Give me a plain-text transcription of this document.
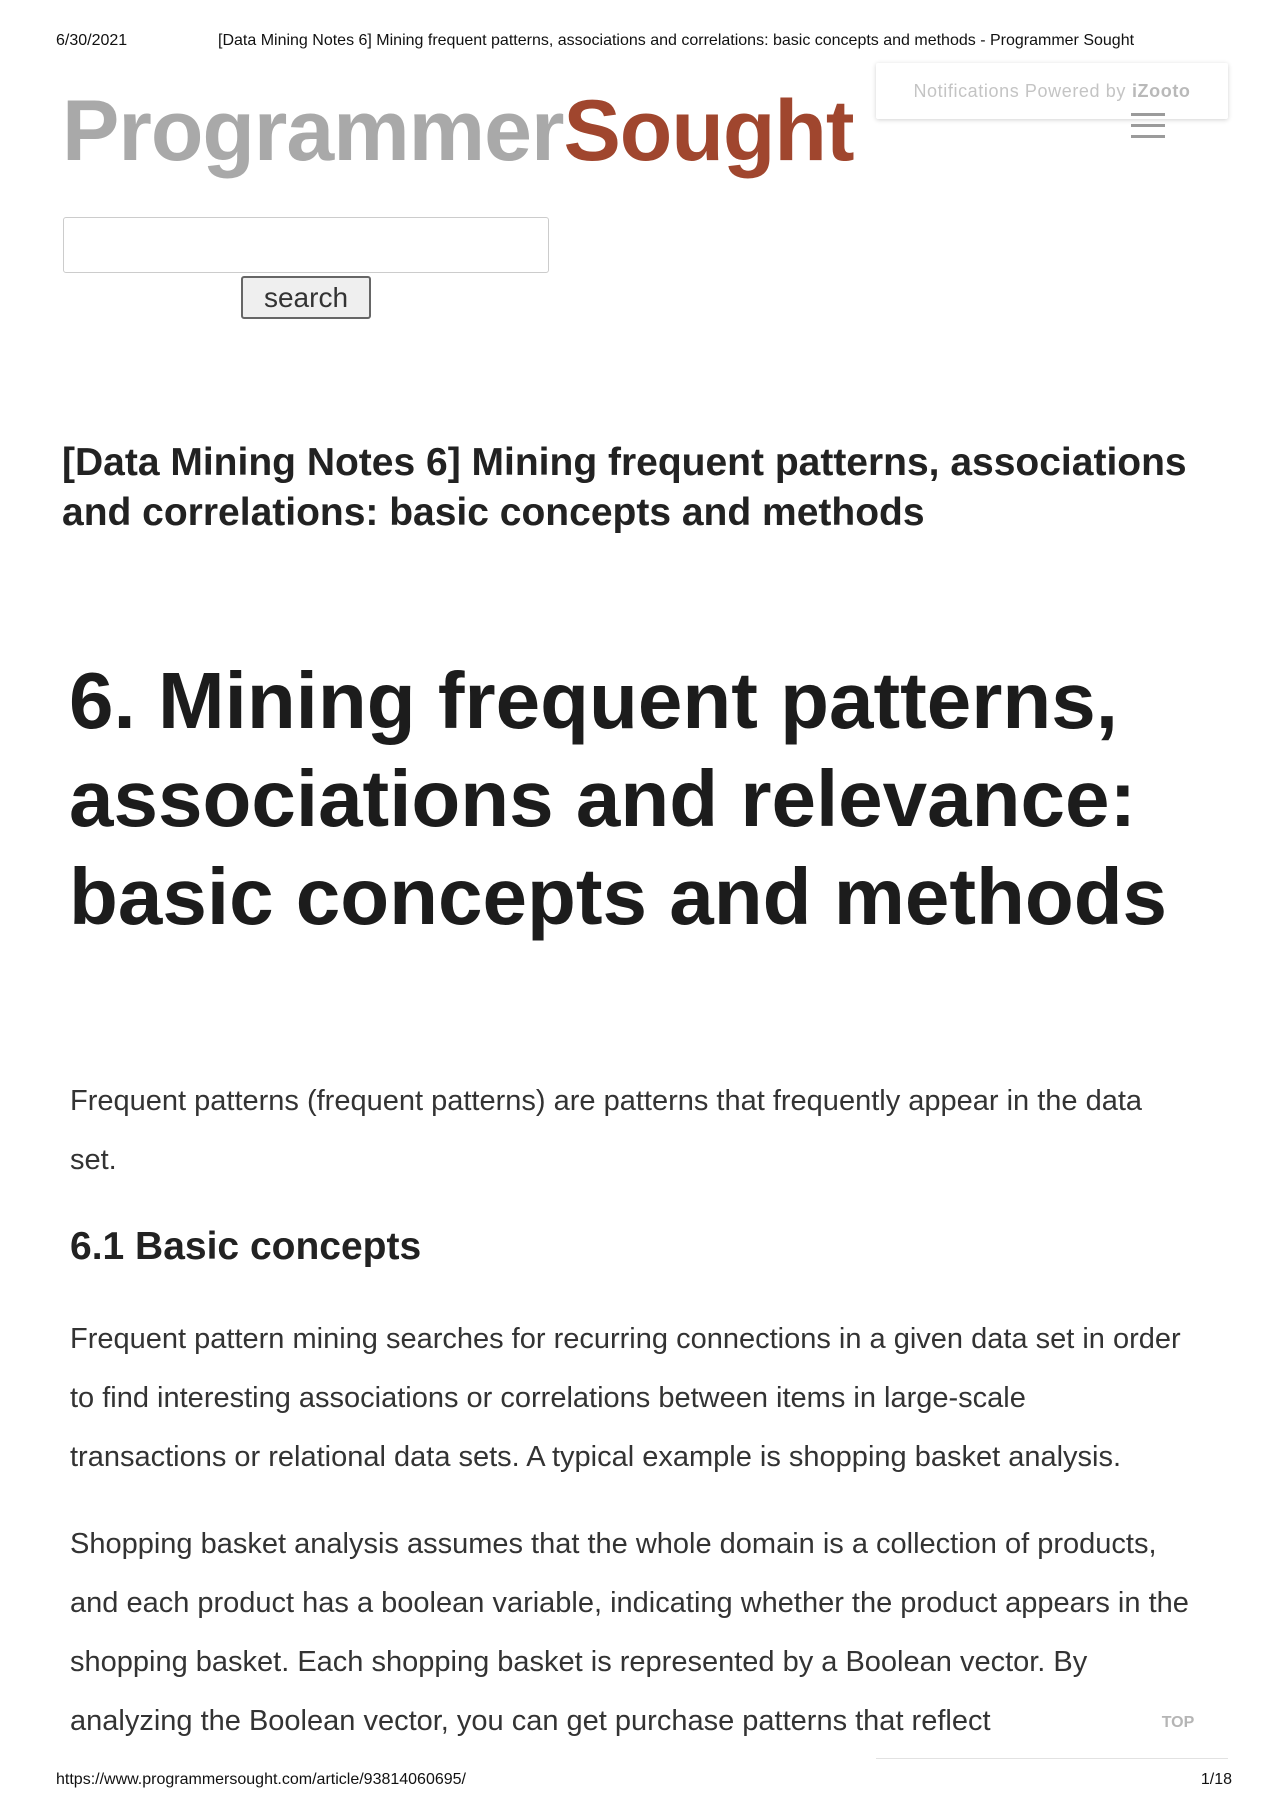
6/30/2021	[Data Mining Notes 6] Mining frequent patterns, associations and correlations: basic concepts and methods - Programmer Sought
Notifications Powered by iZooto
ProgrammerSought
search
[Data Mining Notes 6] Mining frequent patterns, associations and correlations: basic concepts and methods
6. Mining frequent patterns, associations and relevance: basic concepts and methods

Frequent patterns (frequent patterns) are patterns that frequently appear in the data set.

6.1 Basic concepts

Frequent pattern mining searches for recurring connections in a given data set in order to find interesting associations or correlations between items in large-scale transactions or relational data sets. A typical example is shopping basket analysis.

Shopping basket analysis assumes that the whole domain is a collection of products, and each product has a boolean variable, indicating whether the product appears in the shopping basket. Each shopping basket is represented by a Boolean vector. By analyzing the Boolean vector, you can get purchase patterns that reflect	TOP
https://www.programmersought.com/article/93814060695/	1/18
